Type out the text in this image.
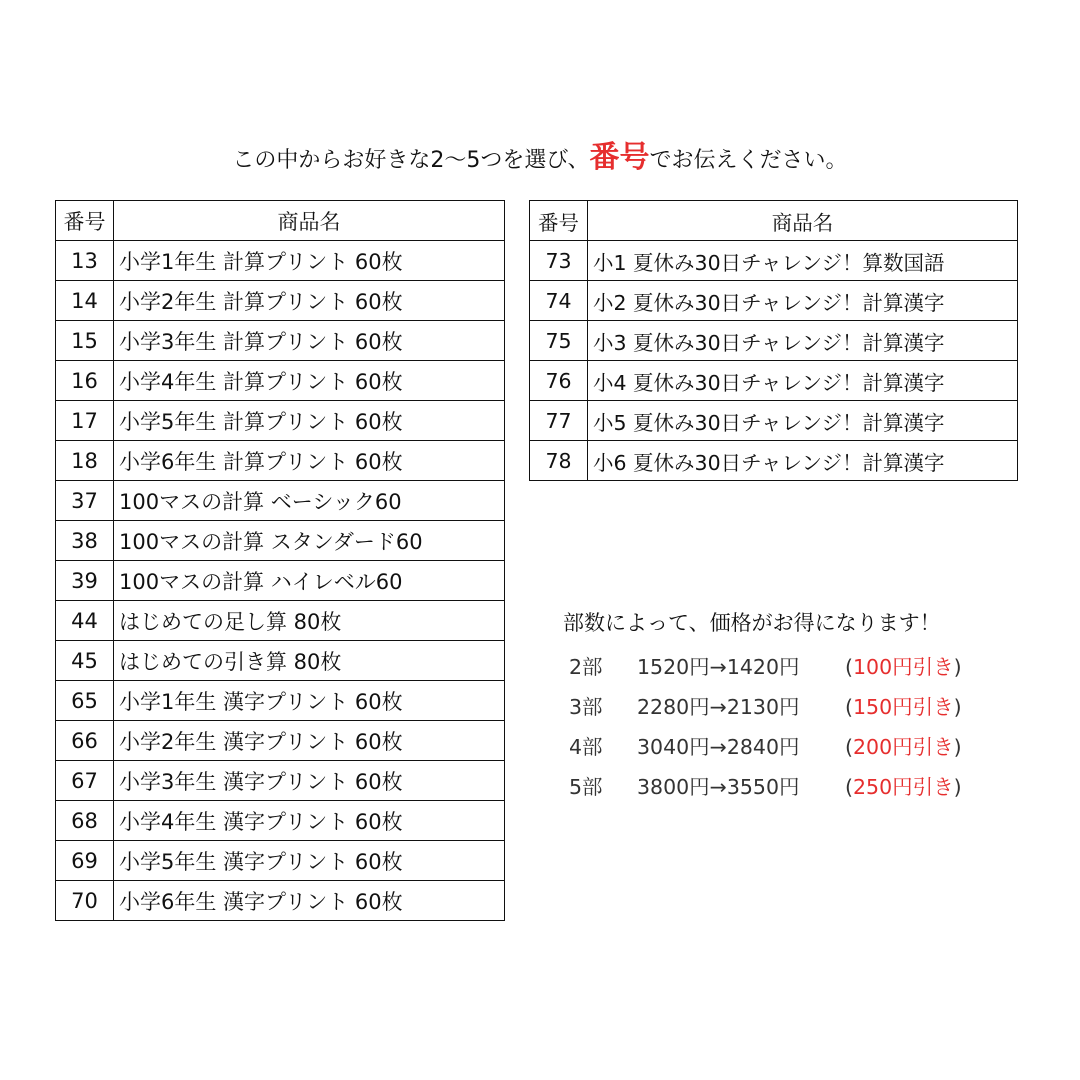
この中からお好きな2〜5つを選び、番号でお伝えください。
番号	商品名
13	小学1年生 計算プリント 60枚
14	小学2年生 計算プリント 60枚
15	小学3年生 計算プリント 60枚
16	小学4年生 計算プリント 60枚
17	小学5年生 計算プリント 60枚
18	小学6年生 計算プリント 60枚
37	100マスの計算 ベーシック60
38	100マスの計算 スタンダード60
39	100マスの計算 ハイレベル60
44	はじめての足し算 80枚
45	はじめての引き算 80枚
65	小学1年生 漢字プリント 60枚
66	小学2年生 漢字プリント 60枚
67	小学3年生 漢字プリント 60枚
68	小学4年生 漢字プリント 60枚
69	小学5年生 漢字プリント 60枚
70	小学6年生 漢字プリント 60枚
番号	商品名
73	小1 夏休み30日チャレンジ！算数国語
74	小2 夏休み30日チャレンジ！計算漢字
75	小3 夏休み30日チャレンジ！計算漢字
76	小4 夏休み30日チャレンジ！計算漢字
77	小5 夏休み30日チャレンジ！計算漢字
78	小6 夏休み30日チャレンジ！計算漢字
部数によって、価格がお得になります！
2部	1520円→1420円	(100円引き)
3部	2280円→2130円	(150円引き)
4部	3040円→2840円	(200円引き)
5部	3800円→3550円	(250円引き)
